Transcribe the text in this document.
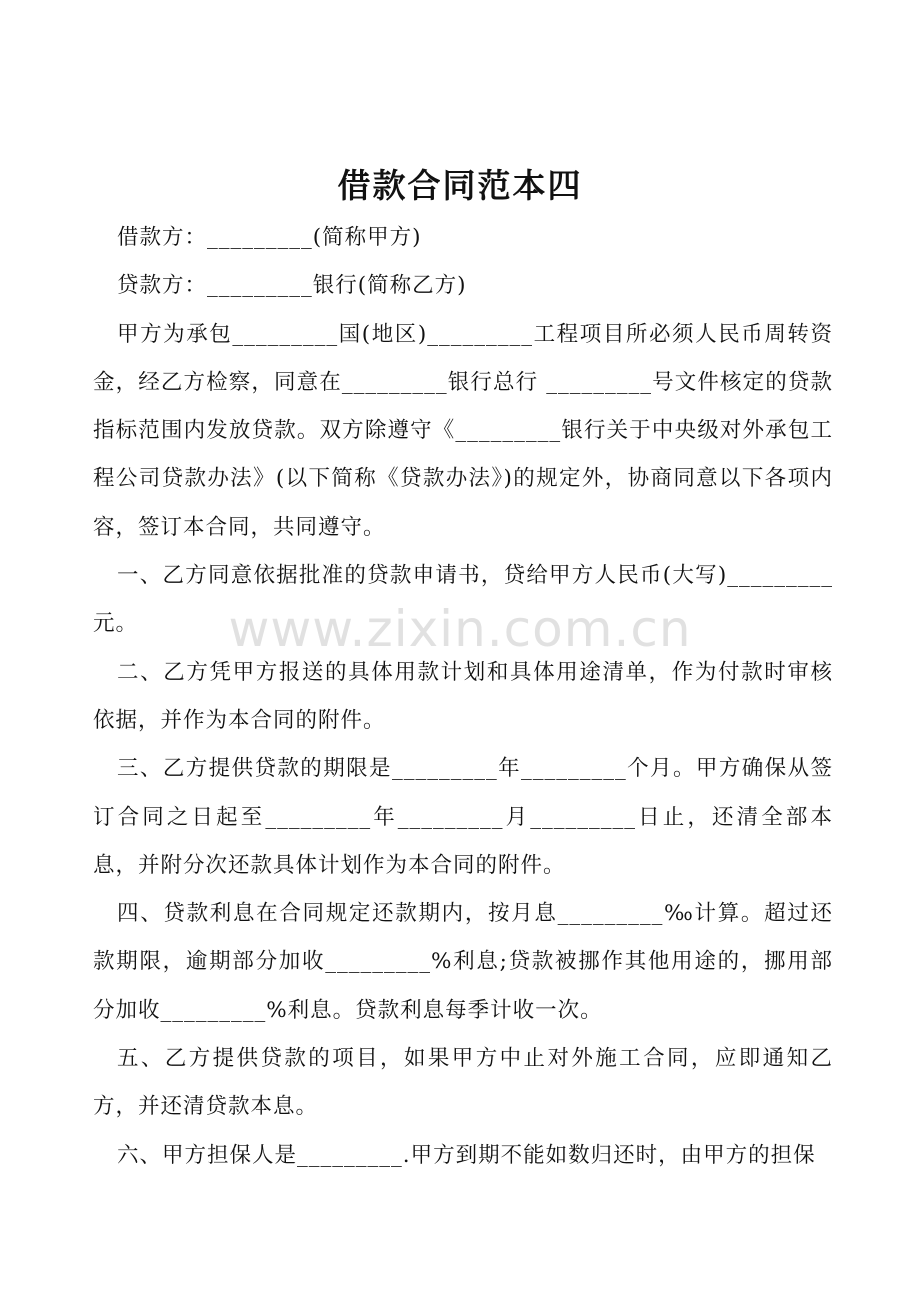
借款合同范本四

借款方：_________(简称甲方)

贷款方：_________银行(简称乙方)

甲方为承包_________国(地区)_________工程项目所必须人民币周转资金，经乙方检察，同意在_________银行总行 _________号文件核定的贷款指标范围内发放贷款。双方除遵守《_________银行关于中央级对外承包工程公司贷款办法》(以下简称《贷款办法》)的规定外，协商同意以下各项内容，签订本合同，共同遵守。

一、乙方同意依据批准的贷款申请书，贷给甲方人民币(大写)_________元。

二、乙方凭甲方报送的具体用款计划和具体用途清单，作为付款时审核依据，并作为本合同的附件。

三、乙方提供贷款的期限是_________年_________个月。甲方确保从签订合同之日起至_________年_________月_________日止，还清全部本息，并附分次还款具体计划作为本合同的附件。

四、贷款利息在合同规定还款期内，按月息_________‰计算。超过还款期限，逾期部分加收_________%利息;贷款被挪作其他用途的，挪用部分加收_________%利息。贷款利息每季计收一次。

五、乙方提供贷款的项目，如果甲方中止对外施工合同，应即通知乙方，并还清贷款本息。

六、甲方担保人是_________.甲方到期不能如数归还时，由甲方的担保

www.zixin.com.cn
